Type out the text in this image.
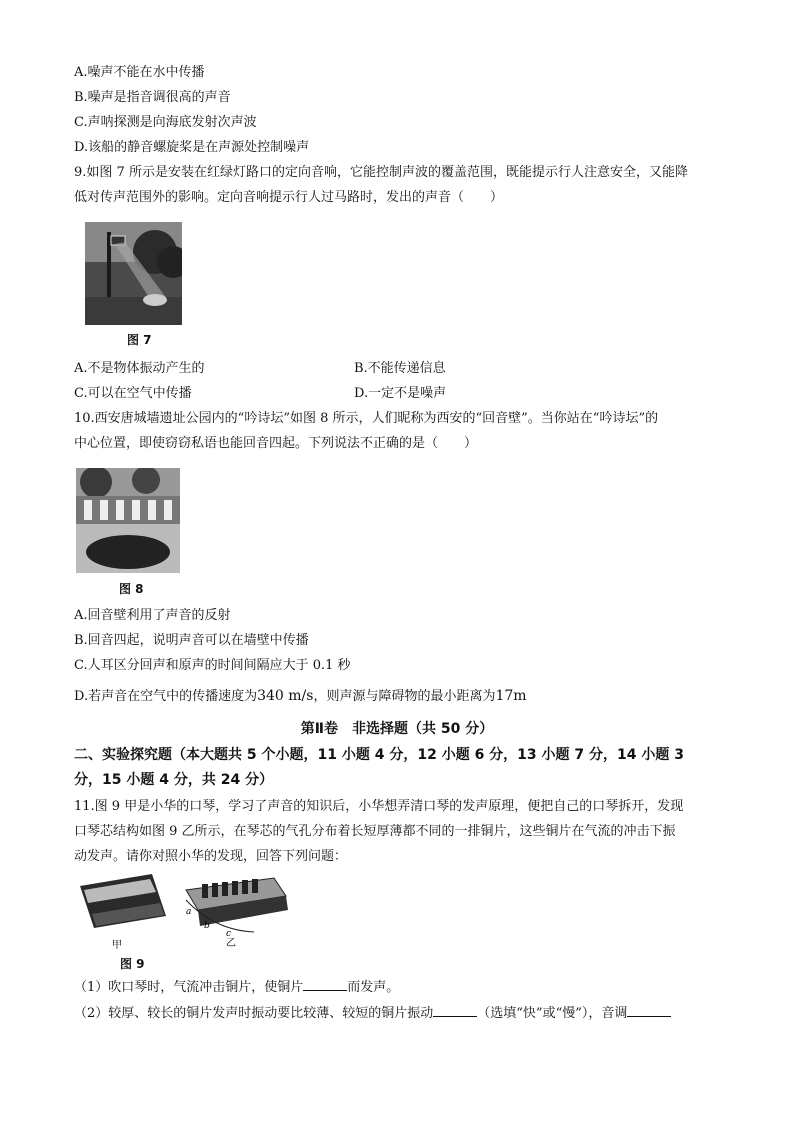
A.噪声不能在水中传播
B.噪声是指音调很高的声音
C.声呐探测是向海底发射次声波
D.该船的静音螺旋桨是在声源处控制噪声
9.如图 7 所示是安装在红绿灯路口的定向音响，它能控制声波的覆盖范围，既能提示行人注意安全，又能降
低对传声范围外的影响。定向音响提示行人过马路时，发出的声音（　　）
图 7
A.不是物体振动产生的	B.不能传递信息
C.可以在空气中传播	D.一定不是噪声
10.西安唐城墙遗址公园内的“吟诗坛”如图 8 所示，人们昵称为西安的“回音壁”。当你站在“吟诗坛”的
中心位置，即使窃窃私语也能回音四起。下列说法不正确的是（　　）
图 8
A.回音壁利用了声音的反射
B.回音四起，说明声音可以在墙壁中传播
C.人耳区分回声和原声的时间间隔应大于 0.1 秒
D.若声音在空气中的传播速度为340 m/s，则声源与障碍物的最小距离为17m
第Ⅱ卷　非选择题（共 50 分）
二、实验探究题（本大题共 5 个小题，11 小题 4 分，12 小题 6 分，13 小题 7 分，14 小题 3
分，15 小题 4 分，共 24 分）
11.图 9 甲是小华的口琴，学习了声音的知识后，小华想弄清口琴的发声原理，便把自己的口琴拆开，发现
口琴芯结构如图 9 乙所示，在琴芯的气孔分布着长短厚薄都不同的一排铜片，这些铜片在气流的冲击下振
动发声。请你对照小华的发现，回答下列问题：
a
b
c
甲	乙
图 9
（1）吹口琴时，气流冲击铜片，使铜片	而发声。
（2）较厚、较长的铜片发声时振动要比较薄、较短的铜片振动	（选填“快”或“慢”），音调
